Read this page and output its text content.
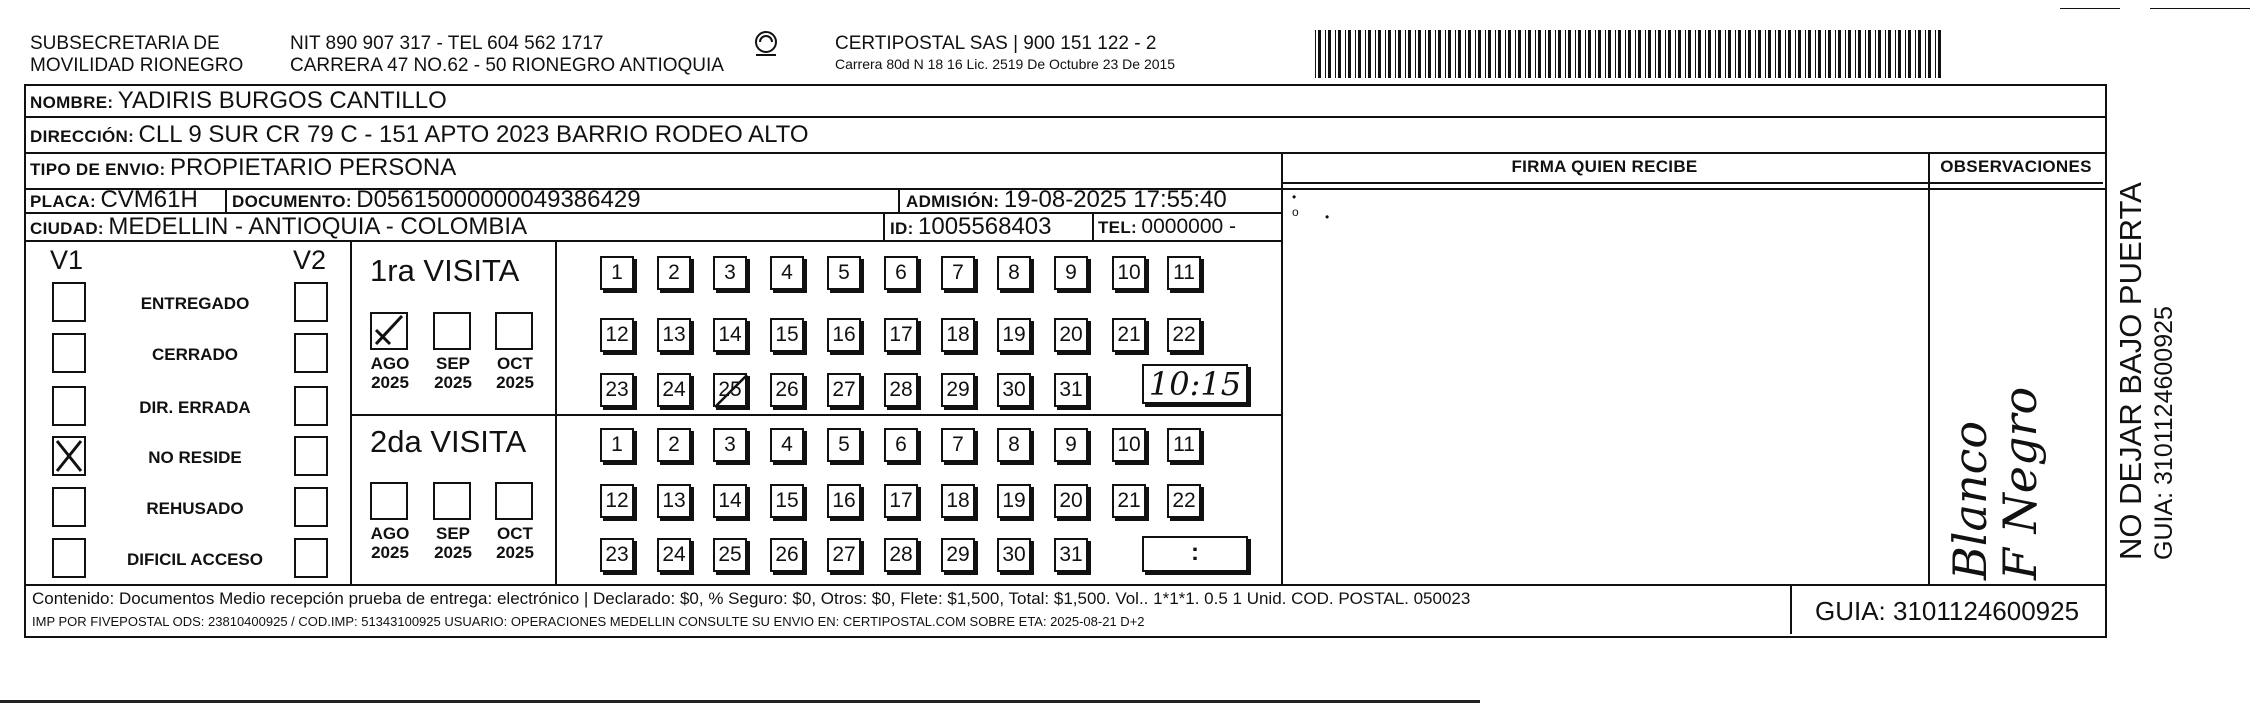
SUBSECRETARIA DE
MOVILIDAD RIONEGRO
NIT 890 907 317 - TEL 604 562 1717
CARRERA 47 NO.62 - 50 RIONEGRO ANTIOQUIA
CERTIPOSTAL SAS | 900 151 122 - 2
Carrera 80d N 18 16 Lic. 2519 De Octubre 23 De 2015
NOMBRE: YADIRIS BURGOS CANTILLO
DIRECCIÓN: CLL 9 SUR CR 79 C - 151 APTO 2023 BARRIO RODEO ALTO
TIPO DE ENVIO: PROPIETARIO PERSONA
PLACA: CVM61H DOCUMENTO: D05615000000049386429	ADMISIÓN: 19-08-2025 17:55:40
CIUDAD: MEDELLIN - ANTIOQUIA - COLOMBIA	ID: 1005568403	TEL: 0000000 -
FIRMA QUIEN RECIBE	OBSERVACIONES
V1	V2
ENTREGADO
CERRADO
DIR. ERRADA
NO RESIDE
REHUSADO
DIFICIL ACCESO
1ra VISITA
2da VISITA
AGO
2025
SEP
2025
OCT
2025
AGO
2025
SEP
2025
OCT
2025
1	2	3	4	5	6	7	8	9	10 11
12 13 14 15 16 17 18 19 20 21 22
23 24 25 26 27 28 29 30 31
1	2	3	4	5	6	7	8	9	10 11
12 13 14 15 16 17 18 19 20 21 22
23 24 25 26 27 28 29 30 31
10:15
:
•
o •
Blanco
F Negro
Contenido: Documentos Medio recepción prueba de entrega: electrónico | Declarado: $0, % Seguro: $0, Otros: $0, Flete: $1,500, Total: $1,500. Vol.. 1*1*1. 0.5 1 Unid. COD. POSTAL. 050023
IMP POR FIVEPOSTAL ODS: 23810400925 / COD.IMP: 51343100925 USUARIO: OPERACIONES MEDELLIN CONSULTE SU ENVIO EN: CERTIPOSTAL.COM SOBRE ETA: 2025-08-21 D+2	GUIA: 3101124600925
NO DEJAR BAJO PUERTA GUIA: 3101124600925
